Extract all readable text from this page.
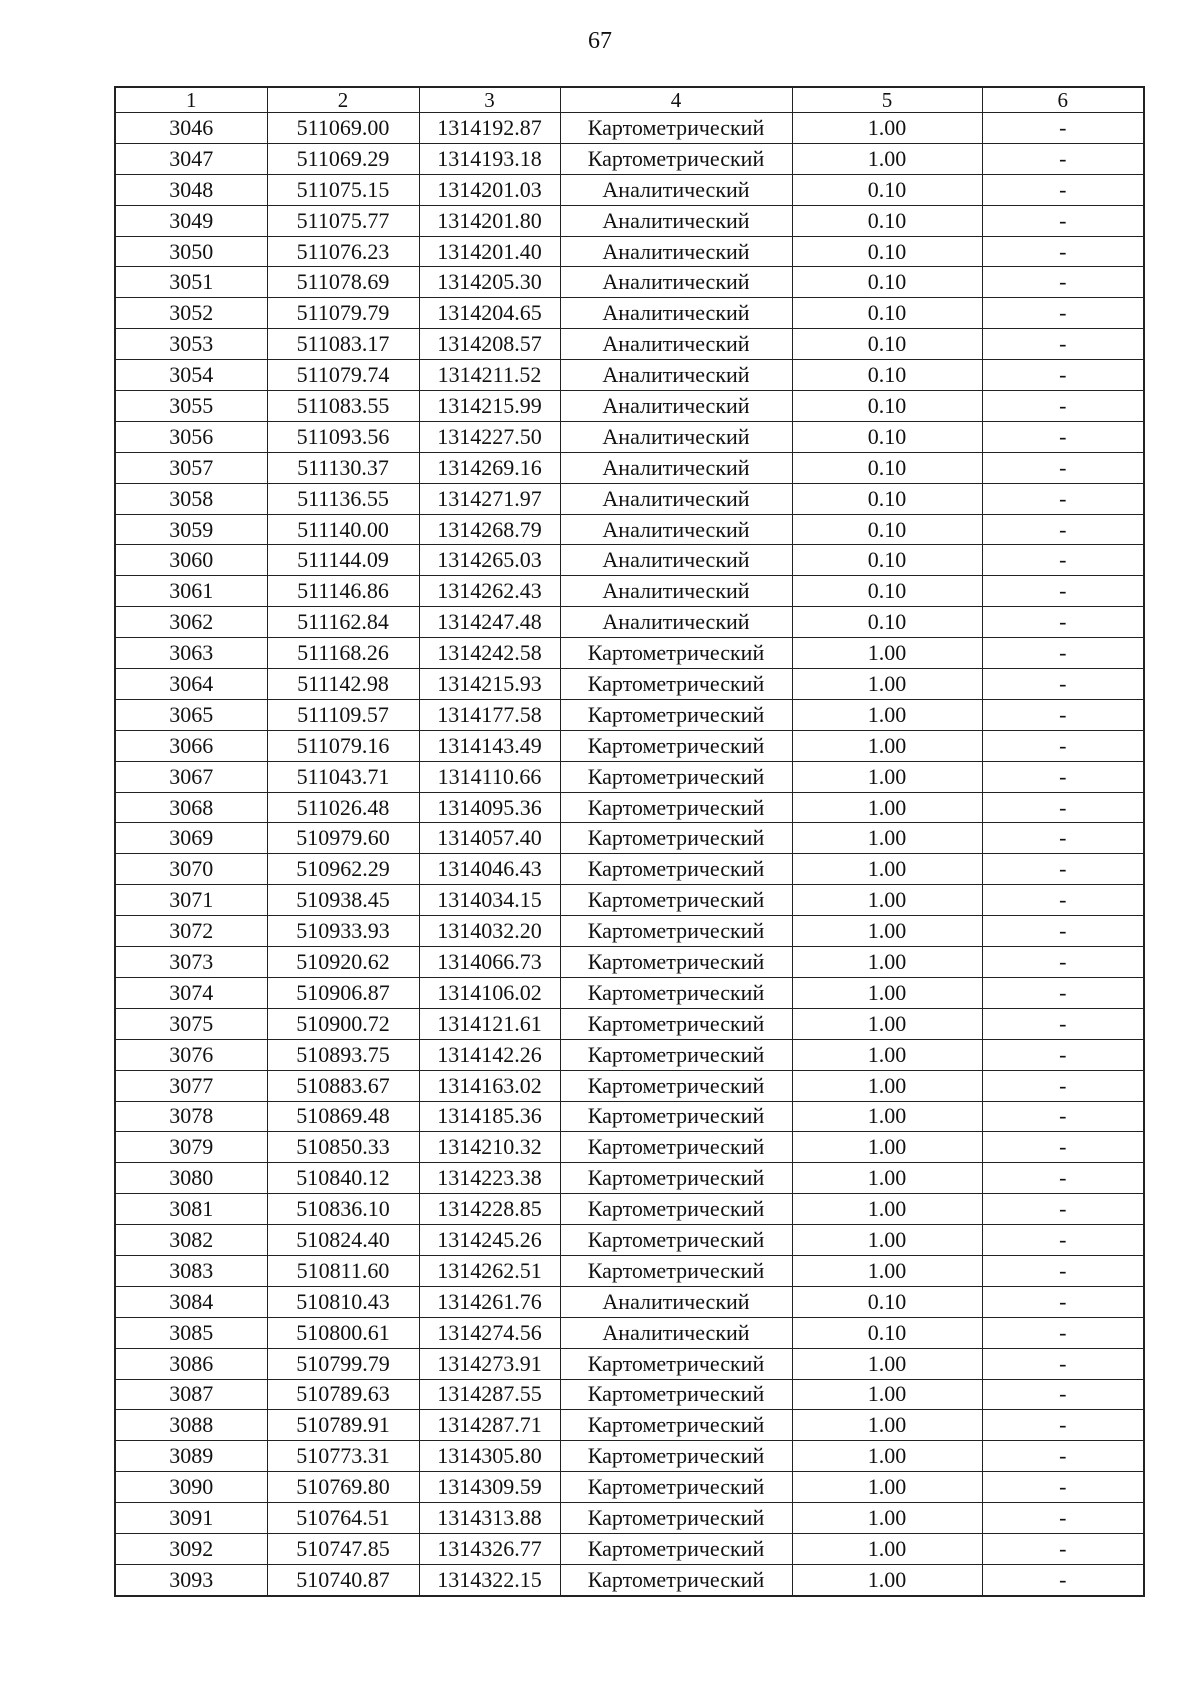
67
1	2	3	4	5	6
3046	511069.00	1314192.87	Картометрический	1.00	-
3047	511069.29	1314193.18	Картометрический	1.00	-
3048	511075.15	1314201.03	Аналитический	0.10	-
3049	511075.77	1314201.80	Аналитический	0.10	-
3050	511076.23	1314201.40	Аналитический	0.10	-
3051	511078.69	1314205.30	Аналитический	0.10	-
3052	511079.79	1314204.65	Аналитический	0.10	-
3053	511083.17	1314208.57	Аналитический	0.10	-
3054	511079.74	1314211.52	Аналитический	0.10	-
3055	511083.55	1314215.99	Аналитический	0.10	-
3056	511093.56	1314227.50	Аналитический	0.10	-
3057	511130.37	1314269.16	Аналитический	0.10	-
3058	511136.55	1314271.97	Аналитический	0.10	-
3059	511140.00	1314268.79	Аналитический	0.10	-
3060	511144.09	1314265.03	Аналитический	0.10	-
3061	511146.86	1314262.43	Аналитический	0.10	-
3062	511162.84	1314247.48	Аналитический	0.10	-
3063	511168.26	1314242.58	Картометрический	1.00	-
3064	511142.98	1314215.93	Картометрический	1.00	-
3065	511109.57	1314177.58	Картометрический	1.00	-
3066	511079.16	1314143.49	Картометрический	1.00	-
3067	511043.71	1314110.66	Картометрический	1.00	-
3068	511026.48	1314095.36	Картометрический	1.00	-
3069	510979.60	1314057.40	Картометрический	1.00	-
3070	510962.29	1314046.43	Картометрический	1.00	-
3071	510938.45	1314034.15	Картометрический	1.00	-
3072	510933.93	1314032.20	Картометрический	1.00	-
3073	510920.62	1314066.73	Картометрический	1.00	-
3074	510906.87	1314106.02	Картометрический	1.00	-
3075	510900.72	1314121.61	Картометрический	1.00	-
3076	510893.75	1314142.26	Картометрический	1.00	-
3077	510883.67	1314163.02	Картометрический	1.00	-
3078	510869.48	1314185.36	Картометрический	1.00	-
3079	510850.33	1314210.32	Картометрический	1.00	-
3080	510840.12	1314223.38	Картометрический	1.00	-
3081	510836.10	1314228.85	Картометрический	1.00	-
3082	510824.40	1314245.26	Картометрический	1.00	-
3083	510811.60	1314262.51	Картометрический	1.00	-
3084	510810.43	1314261.76	Аналитический	0.10	-
3085	510800.61	1314274.56	Аналитический	0.10	-
3086	510799.79	1314273.91	Картометрический	1.00	-
3087	510789.63	1314287.55	Картометрический	1.00	-
3088	510789.91	1314287.71	Картометрический	1.00	-
3089	510773.31	1314305.80	Картометрический	1.00	-
3090	510769.80	1314309.59	Картометрический	1.00	-
3091	510764.51	1314313.88	Картометрический	1.00	-
3092	510747.85	1314326.77	Картометрический	1.00	-
3093	510740.87	1314322.15	Картометрический	1.00	-
